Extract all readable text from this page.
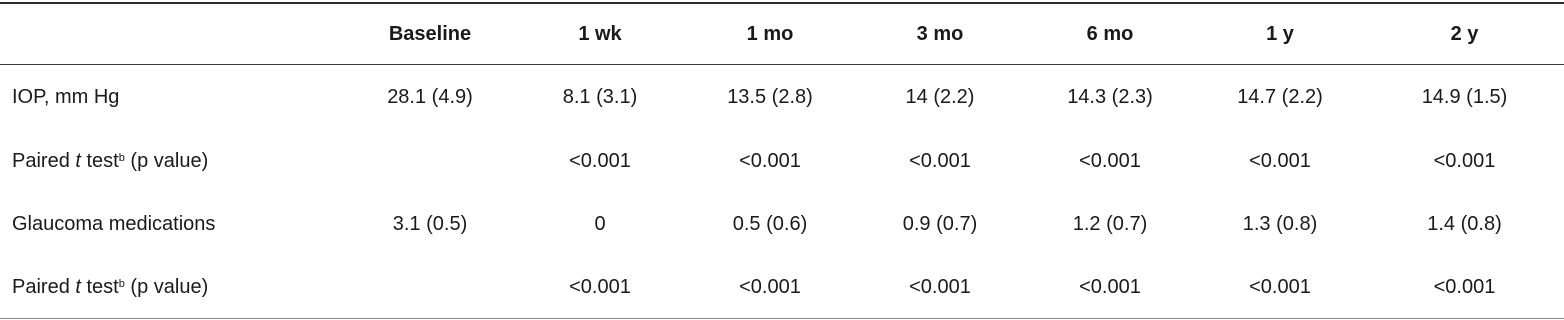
	Baseline	1 wk	1 mo	3 mo	6 mo	1 y	2 y
IOP, mm Hg	28.1 (4.9)	8.1 (3.1)	13.5 (2.8)	14 (2.2)	14.3 (2.3)	14.7 (2.2)	14.9 (1.5)
Paired t test$^b$ (p value)		<0.001	<0.001	<0.001	<0.001	<0.001	<0.001
Glaucoma medications	3.1 (0.5)	0	0.5 (0.6)	0.9 (0.7)	1.2 (0.7)	1.3 (0.8)	1.4 (0.8)
Paired t test$^b$ (p value)		<0.001	<0.001	<0.001	<0.001	<0.001	<0.001
